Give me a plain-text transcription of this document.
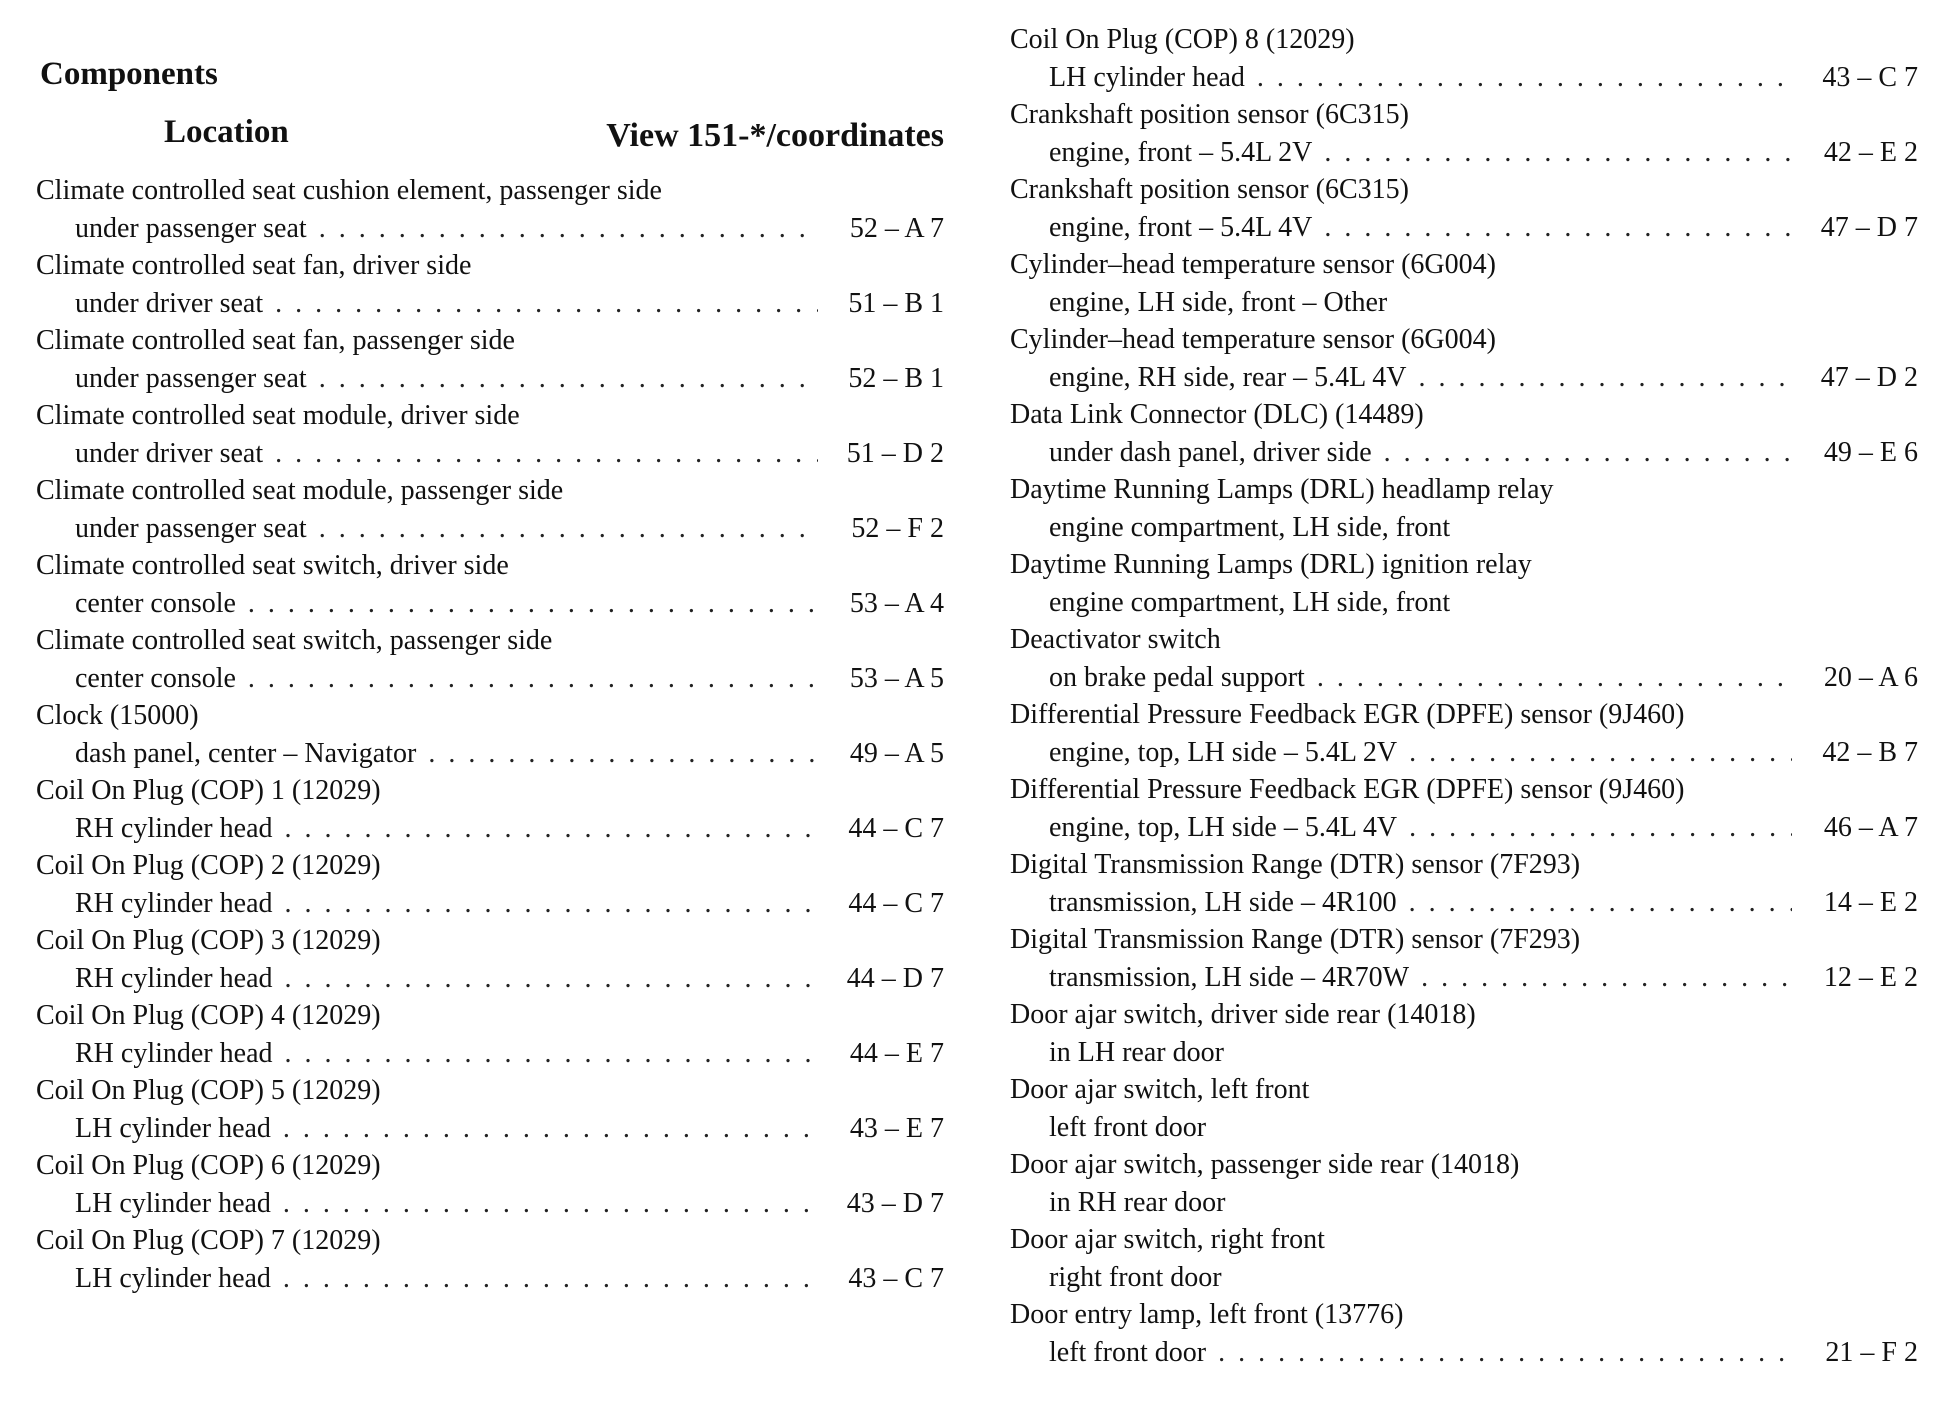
Components
Location	View 151-*/coordinates
Climate controlled seat cushion element, passenger side
under passenger seat . . .	52 – A 7
Climate controlled seat fan, driver side
under driver seat . . .	51 – B 1
Climate controlled seat fan, passenger side
under passenger seat . . .	52 – B 1
Climate controlled seat module, driver side
under driver seat . . .	51 – D 2
Climate controlled seat module, passenger side
under passenger seat . . .	52 – F 2
Climate controlled seat switch, driver side
center console . . .	53 – A 4
Climate controlled seat switch, passenger side
center console . . .	53 – A 5
Clock (15000)
dash panel, center – Navigator . . .	49 – A 5
Coil On Plug (COP) 1 (12029)
RH cylinder head . . .	44 – C 7
Coil On Plug (COP) 2 (12029)
RH cylinder head . . .	44 – C 7
Coil On Plug (COP) 3 (12029)
RH cylinder head . . .	44 – D 7
Coil On Plug (COP) 4 (12029)
RH cylinder head . . .	44 – E 7
Coil On Plug (COP) 5 (12029)
LH cylinder head . . .	43 – E 7
Coil On Plug (COP) 6 (12029)
LH cylinder head . . .	43 – D 7
Coil On Plug (COP) 7 (12029)
LH cylinder head . . .	43 – C 7
Coil On Plug (COP) 8 (12029)
LH cylinder head . . .	43 – C 7
Crankshaft position sensor (6C315)
engine, front – 5.4L 2V . . .	42 – E 2
Crankshaft position sensor (6C315)
engine, front – 5.4L 4V . . .	47 – D 7
Cylinder–head temperature sensor (6G004)
engine, LH side, front – Other
Cylinder–head temperature sensor (6G004)
engine, RH side, rear – 5.4L 4V . . .	47 – D 2
Data Link Connector (DLC) (14489)
under dash panel, driver side . . .	49 – E 6
Daytime Running Lamps (DRL) headlamp relay
engine compartment, LH side, front
Daytime Running Lamps (DRL) ignition relay
engine compartment, LH side, front
Deactivator switch
on brake pedal support . . .	20 – A 6
Differential Pressure Feedback EGR (DPFE) sensor (9J460)
engine, top, LH side – 5.4L 2V . . .	42 – B 7
Differential Pressure Feedback EGR (DPFE) sensor (9J460)
engine, top, LH side – 5.4L 4V . . .	46 – A 7
Digital Transmission Range (DTR) sensor (7F293)
transmission, LH side – 4R100 . . .	14 – E 2
Digital Transmission Range (DTR) sensor (7F293)
transmission, LH side – 4R70W . . .	12 – E 2
Door ajar switch, driver side rear (14018)
in LH rear door
Door ajar switch, left front
left front door
Door ajar switch, passenger side rear (14018)
in RH rear door
Door ajar switch, right front
right front door
Door entry lamp, left front (13776)
left front door . . .	21 – F 2
